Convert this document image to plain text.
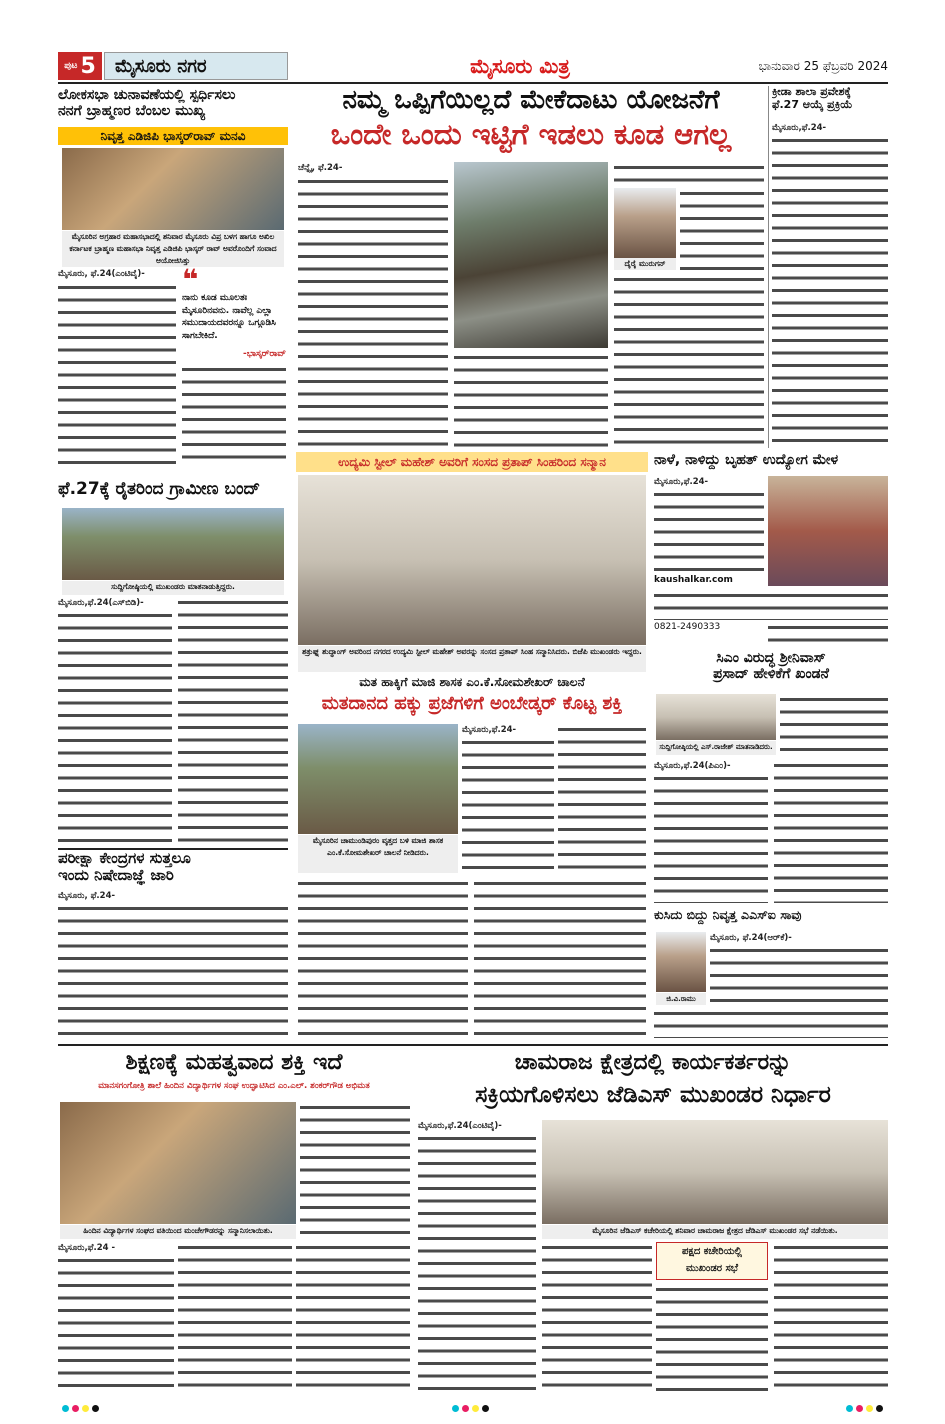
ಪುಟ 5	ಮೈಸೂರು ನಗರ	ಮೈಸೂರು ಮಿತ್ರ	ಭಾನುವಾರ 25 ಫೆಬ್ರವರಿ 2024
ಲೋಕಸಭಾ ಚುನಾವಣೆಯಲ್ಲಿ ಸ್ಪರ್ಧಿಸಲು
ನನಗೆ ಬ್ರಾಹ್ಮಣರ ಬೆಂಬಲ ಮುಖ್ಯ
ನಿವೃತ್ತ ಎಡಿಜಿಪಿ ಭಾಸ್ಕರ್‌ರಾವ್ ಮನವಿ
ಮೈಸೂರಿನ ಅಗ್ರಹಾರ ಮಹಾಸಭಾದಲ್ಲಿ ಶನಿವಾರ ಮೈಸೂರು ವಿಪ್ರ ಬಳಗ ಹಾಗೂ ಅಖಿಲ ಕರ್ನಾಟಕ ಬ್ರಾಹ್ಮಣ ಮಹಾಸಭಾ ನಿವೃತ್ತ ಎಡಿಜಿಪಿ ಭಾಸ್ಕರ್ ರಾವ್ ಅವರೊಂದಿಗೆ ಸಂವಾದ ಆಯೋಜಿಸಿತ್ತು
ಮೈಸೂರು, ಫೆ.24(ಎಂಟಿವೈ)-	❝
ನಾನು ಕೂಡ ಮೂಲತಃ ಮೈಸೂರಿನವನು. ನಾವೆಲ್ಲ ಎಲ್ಲಾ ಸಮುದಾಯದವರನ್ನೂ ಒಗ್ಗೂಡಿಸಿ ಸಾಗಬೇಕಿದೆ.
-ಭಾಸ್ಕರ್‌ರಾವ್
ನಮ್ಮ ಒಪ್ಪಿಗೆಯಿಲ್ಲದೆ ಮೇಕೆದಾಟು ಯೋಜನೆಗೆ
ಒಂದೇ ಒಂದು ಇಟ್ಟಿಗೆ ಇಡಲು ಕೂಡ ಆಗಲ್ಲ
ಚೆನ್ನೈ, ಫೆ.24-
ದೈರೈ ಮುರುಗನ್
ಕ್ರೀಡಾ ಶಾಲಾ ಪ್ರವೇಶಕ್ಕೆ
ಫೆ.27 ಆಯ್ಕೆ ಪ್ರಕ್ರಿಯೆ
ಮೈಸೂರು,ಫೆ.24-
ಉದ್ಯಮಿ ಸ್ಟೀಲ್ ಮಹೇಶ್ ಅವರಿಗೆ ಸಂಸದ ಪ್ರತಾಪ್ ಸಿಂಹರಿಂದ ಸನ್ಮಾನ
ಶತ್ರುಘ್ನ ಶುದ್ಧಾಂಗ್ ಅವರಿಂದ ನಗರದ ಉದ್ಯಮಿ ಸ್ಟೀಲ್ ಮಹೇಶ್ ಅವರನ್ನು ಸಂಸದ ಪ್ರತಾಪ್ ಸಿಂಹ ಸನ್ಮಾನಿಸಿದರು. ಬಿಜೆಪಿ ಮುಖಂಡರು ಇದ್ದರು.
ಫೆ.27ಕ್ಕೆ ರೈತರಿಂದ ಗ್ರಾಮೀಣ ಬಂದ್
ಸುದ್ದಿಗೋಷ್ಠಿಯಲ್ಲಿ ಮುಖಂಡರು ಮಾತನಾಡುತ್ತಿದ್ದರು.
ಮೈಸೂರು,ಫೆ.24(ಎಸ್‌ಬಿಡಿ)-
ನಾಳೆ, ನಾಳಿದ್ದು ಬೃಹತ್ ಉದ್ಯೋಗ ಮೇಳ
ಮೈಸೂರು,ಫೆ.24-
kaushalkar.com
0821-2490333
ಮತ ಹಾಕ್ಕಿಗೆ ಮಾಜಿ ಶಾಸಕ ಎಂ.ಕೆ.ಸೋಮಶೇಖರ್ ಚಾಲನೆ
ಮತದಾನದ ಹಕ್ಕು ಪ್ರಜೆಗಳಿಗೆ ಅಂಬೇಡ್ಕರ್ ಕೊಟ್ಟ ಶಕ್ತಿ
ಮೈಸೂರಿನ ಚಾಮುಂಡಿಪುರಂ ವೃತ್ತದ ಬಳಿ ಮಾಜಿ ಶಾಸಕ ಎಂ.ಕೆ.ಸೋಮಶೇಖರ್ ಚಾಲನೆ ನೀಡಿದರು.
ಮೈಸೂರು,ಫೆ.24-
ಸಿಎಂ ವಿರುದ್ಧ ಶ್ರೀನಿವಾಸ್
ಪ್ರಸಾದ್ ಹೇಳಿಕೆಗೆ ಖಂಡನೆ
ಸುದ್ದಿಗೋಷ್ಠಿಯಲ್ಲಿ ಎಸ್.ರಾಜೇಶ್ ಮಾತನಾಡಿದರು.
ಮೈಸೂರು,ಫೆ.24(ಪಿಎಂ)-
ಪರೀಕ್ಷಾ ಕೇಂದ್ರಗಳ ಸುತ್ತಲೂ
ಇಂದು ನಿಷೇದಾಜ್ಞೆ ಜಾರಿ
ಮೈಸೂರು, ಫೆ.24-
ಕುಸಿದು ಬಿದ್ದು ನಿವೃತ್ತ ಎಎಸ್‌ಐ ಸಾವು
ಜಿ.ವಿ.ರಾಮು
ಮೈಸೂರು, ಫೆ.24(ಆರ್‌ಕೆ)-
ಶಿಕ್ಷಣಕ್ಕೆ ಮಹತ್ವವಾದ ಶಕ್ತಿ ಇದೆ
ಮಾನಸಗಂಗೋತ್ರಿ ಶಾಲೆ ಹಿಂದಿನ ವಿದ್ಯಾರ್ಥಿಗಳ ಸಂಘ ಉದ್ಘಾಟಿಸಿದ ಎಂ.ಎಲ್. ಶಂಕರ್‌ಗೌಡ ಅಭಿಮತ
ಹಿಂದಿನ ವಿದ್ಯಾರ್ಥಿಗಳ ಸಂಘದ ವತಿಯಿಂದ ಮಂಚೇಗೌಡರನ್ನು ಸನ್ಮಾನಿಸಲಾಯಿತು.
ಮೈಸೂರು,ಫೆ.24 -
ಚಾಮರಾಜ ಕ್ಷೇತ್ರದಲ್ಲಿ ಕಾರ್ಯಕರ್ತರನ್ನು
ಸಕ್ರಿಯಗೊಳಿಸಲು ಜೆಡಿಎಸ್ ಮುಖಂಡರ ನಿರ್ಧಾರ
ಮೈಸೂರು,ಫೆ.24(ಎಂಟಿವೈ)-
ಮೈಸೂರಿನ ಜೆಡಿಎಸ್ ಕಚೇರಿಯಲ್ಲಿ ಶನಿವಾರ ಚಾಮರಾಜ ಕ್ಷೇತ್ರದ ಜೆಡಿಎಸ್ ಮುಖಂಡರ ಸಭೆ ನಡೆಯಿತು.
ಪಕ್ಷದ ಕಚೇರಿಯಲ್ಲಿ
ಮುಖಂಡರ ಸಭೆ
